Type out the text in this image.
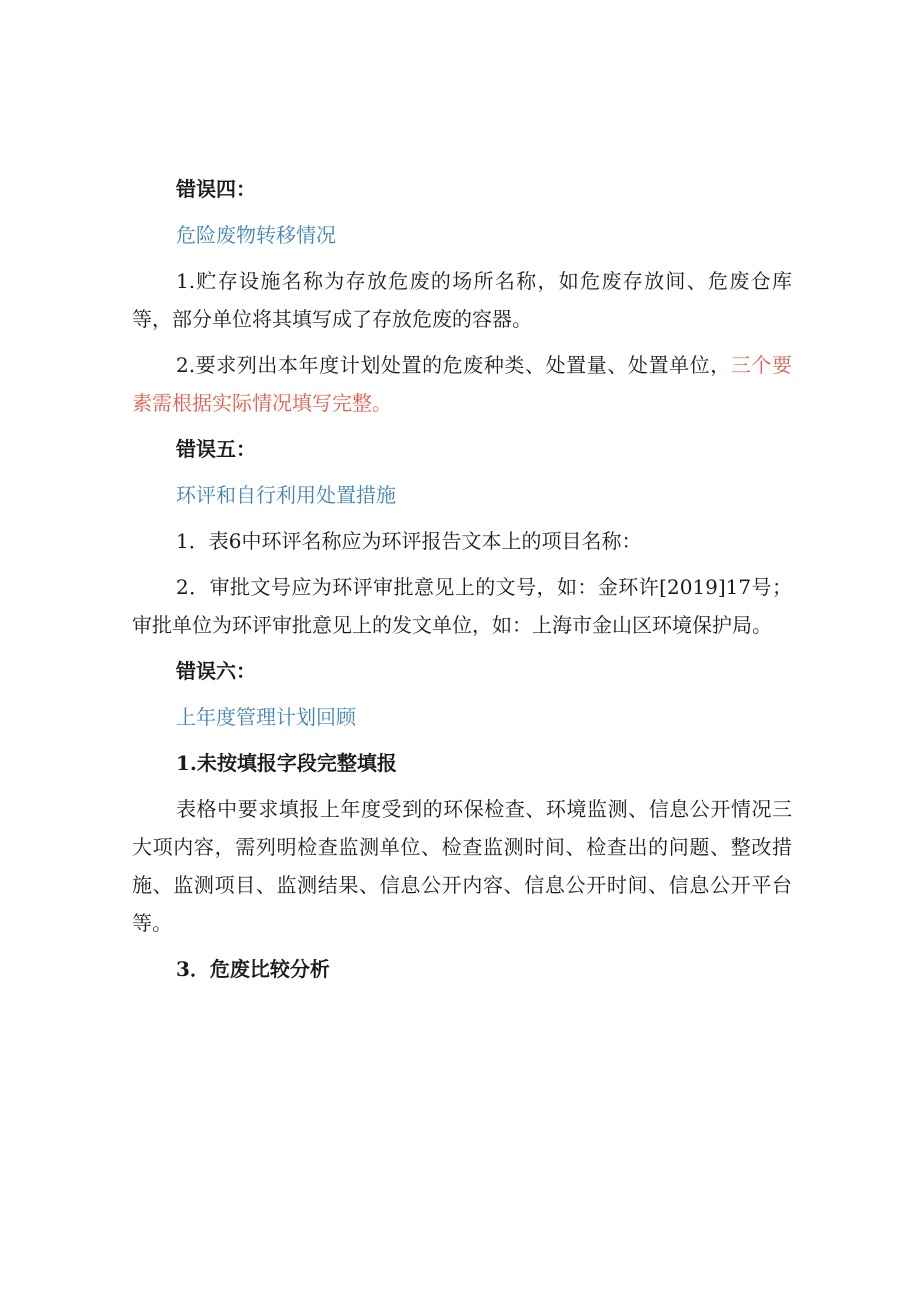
错误四：

危险废物转移情况

1.贮存设施名称为存放危废的场所名称，如危废存放间、危废仓库等，部分单位将其填写成了存放危废的容器。

2.要求列出本年度计划处置的危废种类、处置量、处置单位，三个要素需根据实际情况填写完整。

错误五：

环评和自行利用处置措施

1．表6中环评名称应为环评报告文本上的项目名称：

2．审批文号应为环评审批意见上的文号，如：金环许[2019]17号；审批单位为环评审批意见上的发文单位，如：上海市金山区环境保护局。

错误六：

上年度管理计划回顾

1.未按填报字段完整填报

表格中要求填报上年度受到的环保检查、环境监测、信息公开情况三大项内容，需列明检查监测单位、检查监测时间、检查出的问题、整改措施、监测项目、监测结果、信息公开内容、信息公开时间、信息公开平台等。

3．危废比较分析
